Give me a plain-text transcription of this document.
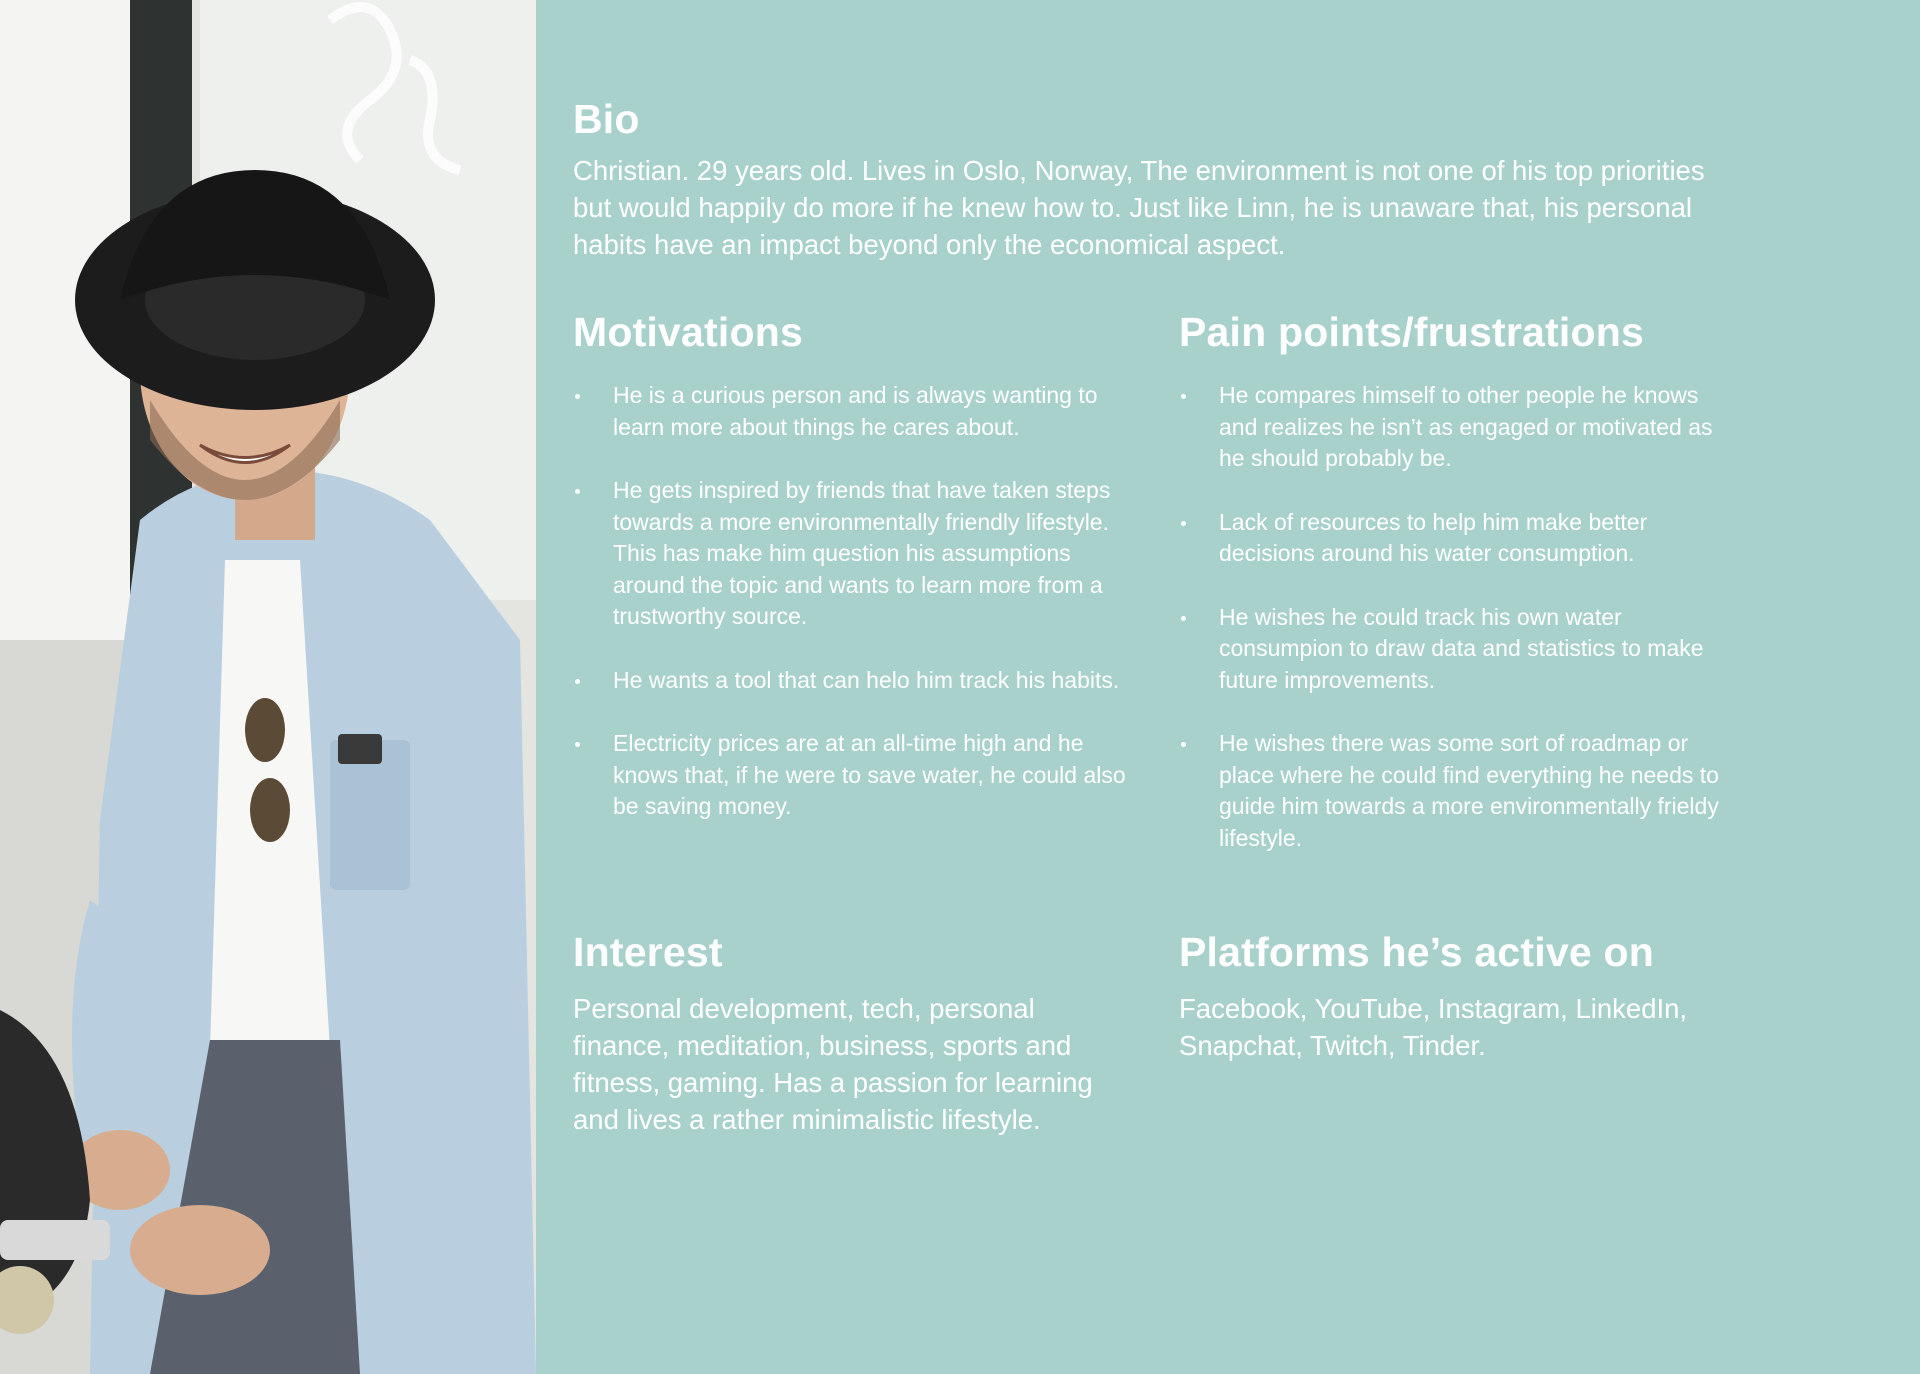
Bio

Christian. 29 years old. Lives in Oslo, Norway, The environment is not one of his top priorities but would happily do more if he knew how to. Just like Linn, he is unaware that, his personal habits have an impact beyond only the economical aspect.

Motivations
He is a curious person and is always wanting to learn more about things he cares about.
He gets inspired by friends that have taken steps towards a more environmentally friendly lifestyle. This has make him question his assumptions around the topic and wants to learn more from a trustworthy source.
He wants a tool that can helo him track his habits.
Electricity prices are at an all-time high and he knows that, if he were to save water, he could also be saving money.
Pain points/frustrations
He compares himself to other people he knows and realizes he isn’t as engaged or motivated as he should probably be.
Lack of resources to help him make better decisions around his water consumption.
He wishes he could track his own water consumpion to draw data and statistics to make future improvements.
He wishes there was some sort of roadmap or place where he could find everything he needs to guide him towards a more environmentally frieldy lifestyle.
Interest

Personal development, tech, personal finance, meditation, business, sports and fitness, gaming. Has a passion for learning and lives a rather minimalistic lifestyle.

Platforms he’s active on

Facebook, YouTube, Instagram, LinkedIn, Snapchat, Twitch, Tinder.
